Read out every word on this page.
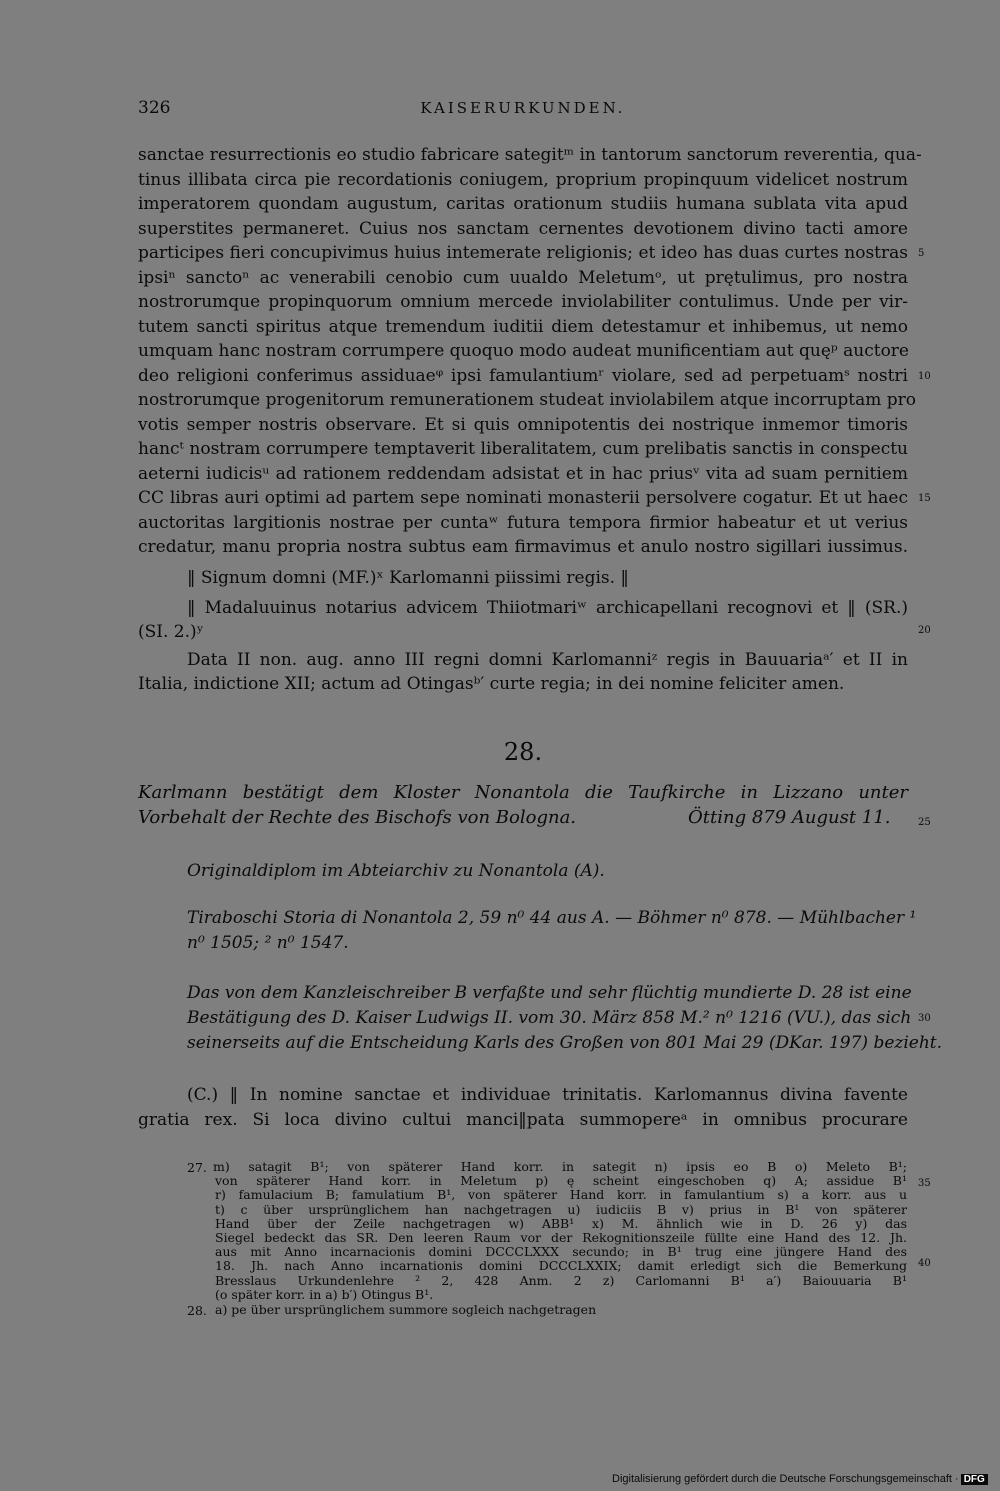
326	KAISERURKUNDEN.
sanctae resurrectionis eo studio fabricare sategitᵐ in tantorum sanctorum reverentia, qua-
tinus illibata circa pie recordationis coniugem, proprium propinquum videlicet nostrum
imperatorem quondam augustum, caritas orationum studiis humana sublata vita apud
superstites permaneret. Cuius nos sanctam cernentes devotionem divino tacti amore
participes fieri concupivimus huius intemerate religionis; et ideo has duas curtes nostras
ipsiⁿ sanctoⁿ ac venerabili cenobio cum uualdo Meletumᵒ, ut prętulimus, pro nostra
nostrorumque propinquorum omnium mercede inviolabiliter contulimus. Unde per vir-
tutem sancti spiritus atque tremendum iuditii diem detestamur et inhibemus, ut nemo
umquam hanc nostram corrumpere quoquo modo audeat munificentiam aut quęᵖ auctore
deo religioni conferimus assiduaeᵠ ipsi famulantiumʳ violare, sed ad perpetuamˢ nostri
nostrorumque progenitorum remunerationem studeat inviolabilem atque incorruptam pro
votis semper nostris observare. Et si quis omnipotentis dei nostrique inmemor timoris
hancᵗ nostram corrumpere temptaverit liberalitatem, cum prelibatis sanctis in conspectu
aeterni iudicisᵘ ad rationem reddendam adsistat et in hac priusᵛ vita ad suam pernitiem
CC libras auri optimi ad partem sepe nominati monasterii persolvere cogatur. Et ut haec
auctoritas largitionis nostrae per cuntaʷ futura tempora firmior habeatur et ut verius
credatur, manu propria nostra subtus eam firmavimus et anulo nostro sigillari iussimus.
‖ Signum domni (MF.)ˣ Karlomanni piissimi regis. ‖
‖ Madaluuinus notarius advicem Thiiotmariʷ archicapellani recognovi et ‖ (SR.)
(SI. 2.)ʸ
Data II non. aug. anno III regni domni Karlomanniᶻ regis in Bauuariaᵃ′ et II in
Italia, indictione XII; actum ad Otingasᵇ′ curte regia; in dei nomine feliciter amen.
28.
Karlmann bestätigt dem Kloster Nonantola die Taufkirche in Lizzano unter
Vorbehalt der Rechte des Bischofs von Bologna.	Ötting 879 August 11.
Originaldiplom im Abteiarchiv zu Nonantola (A).
Tiraboschi Storia di Nonantola 2, 59 n⁰ 44 aus A. — Böhmer n⁰ 878. — Mühlbacher ¹
n⁰ 1505; ² n⁰ 1547.
Das von dem Kanzleischreiber B verfaßte und sehr flüchtig mundierte D. 28 ist eine
Bestätigung des D. Kaiser Ludwigs II. vom 30. März 858 M.² n⁰ 1216 (VU.), das sich
seinerseits auf die Entscheidung Karls des Großen von 801 Mai 29 (DKar. 197) bezieht.
(C.) ‖ In nomine sanctae et individuae trinitatis. Karlomannus divina favente
gratia rex. Si loca divino cultui manci‖pata summopereᵃ in omnibus procurare
5
10
15
20
25
30
35
40
27. m) satagit B¹; von späterer Hand korr. in sategit n) ipsis eo B o) Meleto B¹;
von späterer Hand korr. in Meletum p) ę scheint eingeschoben q) A; assidue B¹
r) famulacium B; famulatium B¹, von späterer Hand korr. in famulantium s) a korr. aus u
t) c über ursprünglichem han nachgetragen u) iudiciis B v) prius in B¹ von späterer
Hand über der Zeile nachgetragen w) ABB¹ x) M. ähnlich wie in D. 26 y) das
Siegel bedeckt das SR. Den leeren Raum vor der Rekognitionszeile füllte eine Hand des 12. Jh.
aus mit Anno incarnacionis domini DCCCLXXX secundo; in B¹ trug eine jüngere Hand des
18. Jh. nach Anno incarnationis domini DCCCLXXIX; damit erledigt sich die Bemerkung
Bresslaus Urkundenlehre ² 2, 428 Anm. 2 z) Carlomanni B¹ a′) Baiouuaria B¹
(o später korr. in a) b′) Otingus B¹.
28. a) pe über ursprünglichem summore sogleich nachgetragen
Digitalisierung gefördert durch die Deutsche Forschungsgemeinschaft · DFG
